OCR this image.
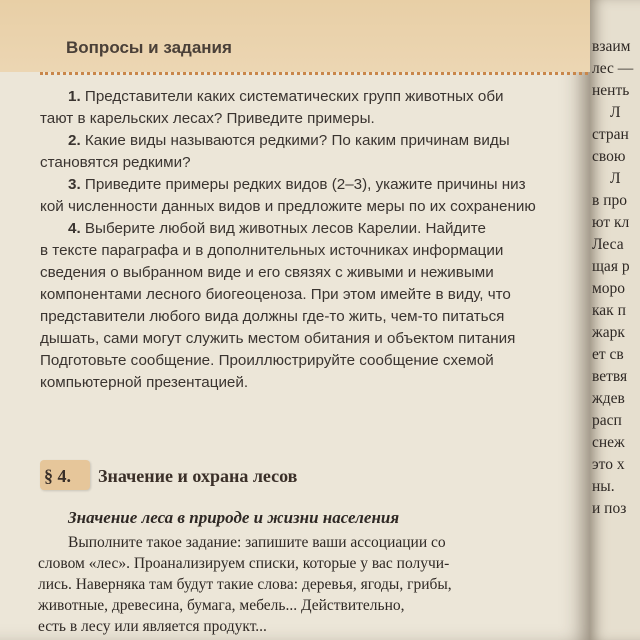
Вопросы и задания

1. Представители каких систематических групп животных оби
тают в карельских лесах? Приведите примеры.

2. Какие виды называются редкими? По каким причинам виды
становятся редкими?

3. Приведите примеры редких видов (2–3), укажите причины низ
кой численности данных видов и предложите меры по их сохранению

4. Выберите любой вид животных лесов Карелии. Найдите
в тексте параграфа и в дополнительных источниках информации
сведения о выбранном виде и его связях с живыми и неживыми
компонентами лесного биогеоценоза. При этом имейте в виду, что
представители любого вида должны где-то жить, чем-то питаться
дышать, сами могут служить местом обитания и объектом питания
Подготовьте сообщение. Проиллюстрируйте сообщение схемой
компьютерной презентацией.

§ 4. Значение и охрана лесов
Значение леса в природе и жизни населения

Выполните такое задание: запишите ваши ассоциации со
словом «лес». Проанализируем списки, которые у вас получи-
лись. Наверняка там будут такие слова: деревья, ягоды, грибы,
животные, древесина, бумага, мебель... Действительно,
есть в лесу или является продукт...

взаим
лес —
ненть
Л
стран
свою
Л
в про
ют кл
Леса
щая р
моро
как п
жарк
ет св
ветвя
ждев
расп
снеж
это х
ны.
и поз
